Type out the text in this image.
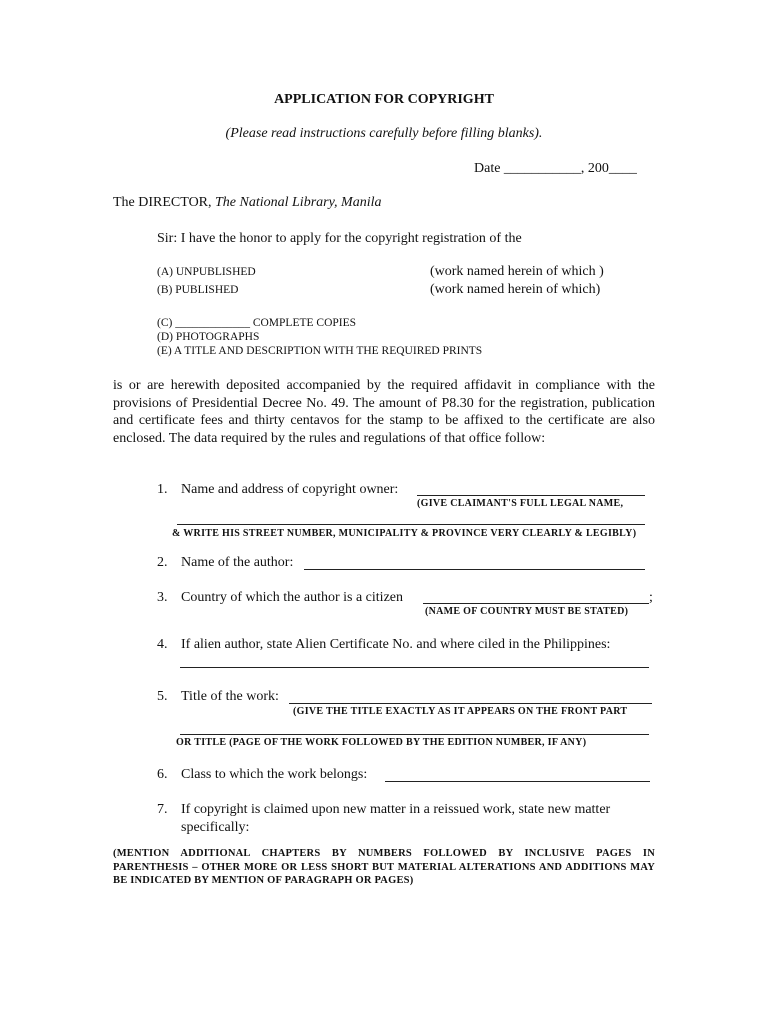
APPLICATION FOR COPYRIGHT
(Please read instructions carefully before filling blanks).
Date ___________, 200____
The DIRECTOR, The National Library, Manila
Sir: I have the honor to apply for the copyright registration of the
(A) UNPUBLISHED	(work named herein of which )
(B) PUBLISHED	(work named herein of which)
(C) _____________ COMPLETE COPIES
(D) PHOTOGRAPHS
(E) A TITLE AND DESCRIPTION WITH THE REQUIRED PRINTS
is or are herewith deposited accompanied by the required affidavit in compliance with the provisions of Presidential Decree No. 49. The amount of P8.30 for the registration, publication and certificate fees and thirty centavos for the stamp to be affixed to the certificate are also enclosed. The data required by the rules and regulations of that office follow:
1. Name and address of copyright owner:
(GIVE CLAIMANT'S FULL LEGAL NAME,
& WRITE HIS STREET NUMBER, MUNICIPALITY & PROVINCE VERY CLEARLY & LEGIBLY)
2. Name of the author:
3. Country of which the author is a citizen	;
(NAME OF COUNTRY MUST BE STATED)
4. If alien author, state Alien Certificate No. and where ciled in the Philippines:
5. Title of the work:
(GIVE THE TITLE EXACTLY AS IT APPEARS ON THE FRONT PART
OR TITLE (PAGE OF THE WORK FOLLOWED BY THE EDITION NUMBER, IF ANY)
6. Class to which the work belongs:
7. If copyright is claimed upon new matter in a reissued work, state new matter
specifically:
(MENTION ADDITIONAL CHAPTERS BY NUMBERS FOLLOWED BY INCLUSIVE PAGES IN PARENTHESIS – OTHER MORE OR LESS SHORT BUT MATERIAL ALTERATIONS AND ADDITIONS MAY BE INDICATED BY MENTION OF PARAGRAPH OR PAGES)
